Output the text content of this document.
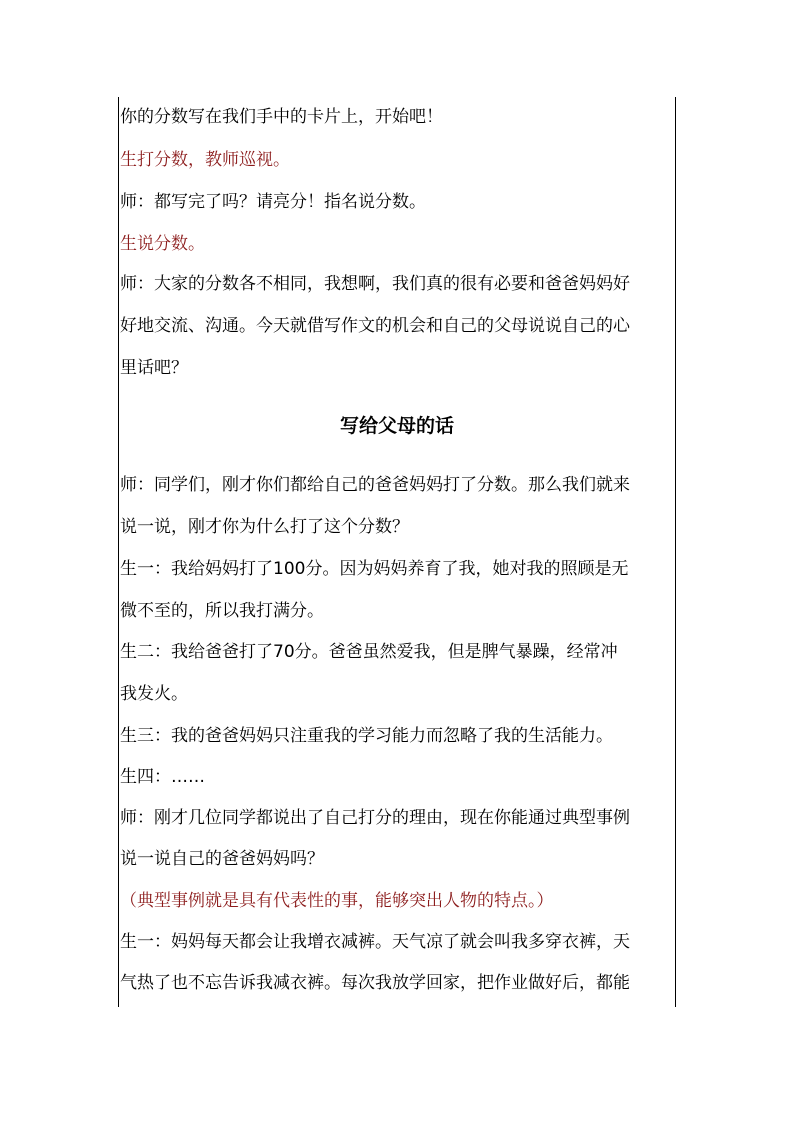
你的分数写在我们手中的卡片上，开始吧！
生打分数，教师巡视。
师：都写完了吗？请亮分！指名说分数。
生说分数。
师：大家的分数各不相同，我想啊，我们真的很有必要和爸爸妈妈好
好地交流、沟通。今天就借写作文的机会和自己的父母说说自己的心
里话吧？
写给父母的话
师：同学们，刚才你们都给自己的爸爸妈妈打了分数。那么我们就来
说一说，刚才你为什么打了这个分数？
生一：我给妈妈打了100分。因为妈妈养育了我，她对我的照顾是无
微不至的，所以我打满分。
生二：我给爸爸打了70分。爸爸虽然爱我，但是脾气暴躁，经常冲
我发火。
生三：我的爸爸妈妈只注重我的学习能力而忽略了我的生活能力。
生四：……
师：刚才几位同学都说出了自己打分的理由，现在你能通过典型事例
说一说自己的爸爸妈妈吗？
（典型事例就是具有代表性的事，能够突出人物的特点。）
生一：妈妈每天都会让我增衣减裤。天气凉了就会叫我多穿衣裤，天
气热了也不忘告诉我减衣裤。每次我放学回家，把作业做好后，都能
